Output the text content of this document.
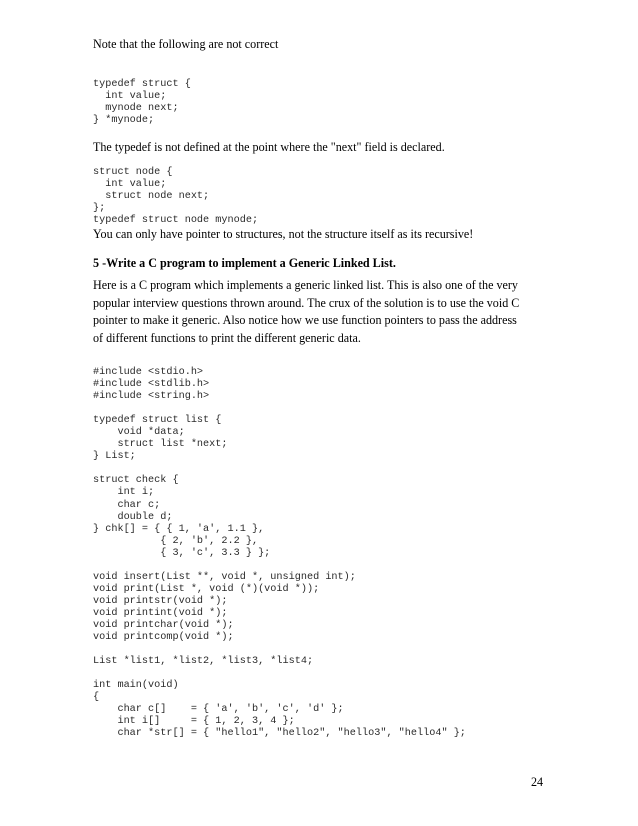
Note that the following are not correct
typedef struct {
int value;
mynode next;
} *mynode;
The typedef is not defined at the point where the "next" field is declared.
struct node {
int value;
struct node next;
};
typedef struct node mynode;
You can only have pointer to structures, not the structure itself as its recursive!
5 -Write a C program to implement a Generic Linked List.
Here is a C program which implements a generic linked list. This is also one of the very
popular interview questions thrown around. The crux of the solution is to use the void C
pointer to make it generic. Also notice how we use function pointers to pass the address
of different functions to print the different generic data.
#include <stdio.h>
#include <stdlib.h>
#include <string.h>
typedef struct list {
void *data;
struct list *next;
} List;
struct check {
int i;
char c;
double d;
} chk[] = { { 1, 'a', 1.1 },
{ 2, 'b', 2.2 },
{ 3, 'c', 3.3 } };
void insert(List **, void *, unsigned int);
void print(List *, void (*)(void *));
void printstr(void *);
void printint(void *);
void printchar(void *);
void printcomp(void *);
List *list1, *list2, *list3, *list4;
int main(void)
{
char c[]    = { 'a', 'b', 'c', 'd' };
int i[]     = { 1, 2, 3, 4 };
char *str[] = { "hello1", "hello2", "hello3", "hello4" };
24
